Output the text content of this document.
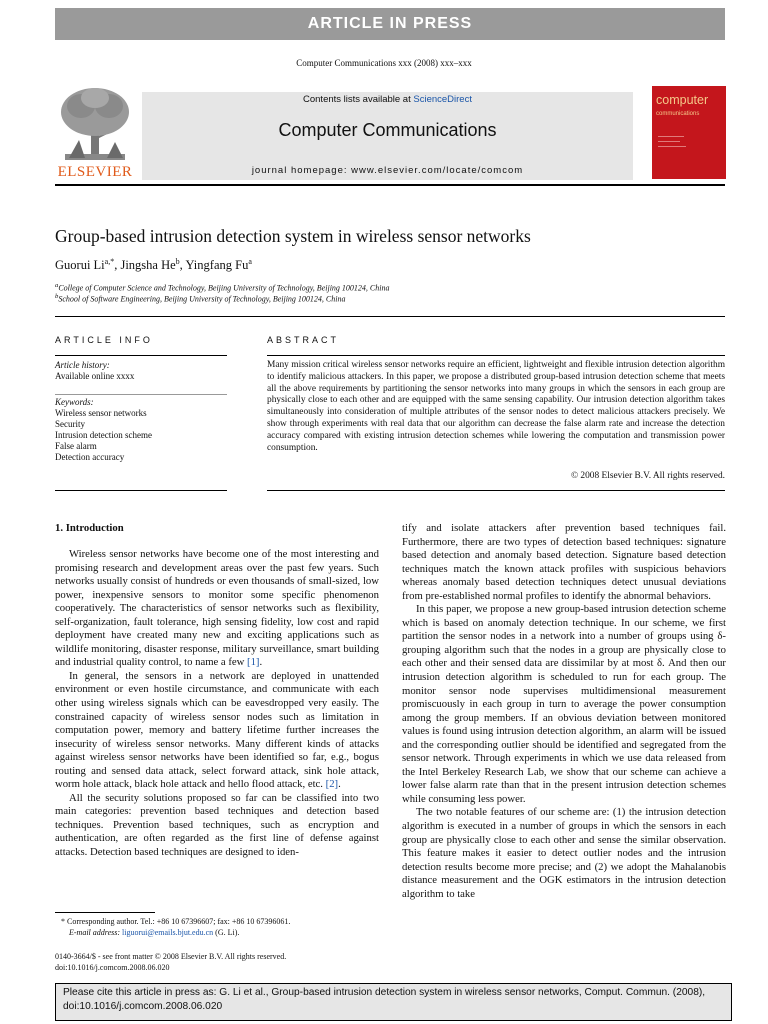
ARTICLE IN PRESS
Computer Communications xxx (2008) xxx–xxx
ELSEVIER
Contents lists available at ScienceDirect
Computer Communications
journal homepage: www.elsevier.com/locate/comcom
computer
communications
Group-based intrusion detection system in wireless sensor networks
Guorui $Li^{a,*}$, Jingsha He$^b$, Yingfang Fu$^a$
$^a$College of Computer Science and Technology, Beijing University of Technology, Beijing 100124, China
$^b$School of Software Engineering, Beijing University of Technology, Beijing 100124, China
ARTICLE INFO
Article history:
Available online xxxx
Keywords:
Wireless sensor networks
Security
Intrusion detection scheme
False alarm
Detection accuracy
ABSTRACT
Many mission critical wireless sensor networks require an efficient, lightweight and flexible intrusion detection algorithm to identify malicious attackers. In this paper, we propose a distributed group-based intrusion detection scheme that meets all the above requirements by partitioning the sensor networks into many groups in which the sensors in each group are physically close to each other and are equipped with the same sensing capability. Our intrusion detection algorithm takes simultaneously into consideration of multiple attributes of the sensor nodes to detect malicious attackers precisely. We show through experiments with real data that our algorithm can decrease the false alarm rate and increase the detection accuracy compared with existing intrusion detection schemes while lowering the computation and transmission power consumption.
© 2008 Elsevier B.V. All rights reserved.
1. Introduction

Wireless sensor networks have become one of the most interesting and promising research and development areas over the past few years. Such networks usually consist of hundreds or even thousands of small-sized, low power, inexpensive sensors to monitor some specific phenomenon cooperatively. The characteristics of sensor networks such as flexibility, self-organization, fault tolerance, high sensing fidelity, low cost and rapid deployment have created many new and exciting applications such as wildlife monitoring, disaster response, military surveillance, smart building and industrial quality control, to name a few [1].

In general, the sensors in a network are deployed in unattended environment or even hostile circumstance, and communicate with each other using wireless signals which can be eavesdropped very easily. The constrained capacity of wireless sensor nodes such as limitation in computation power, memory and battery lifetime further increases the insecurity of wireless sensor networks. Many different kinds of attacks against wireless sensor networks have been identified so far, e.g., bogus routing and sensed data attack, select forward attack, sink hole attack, worm hole attack, black hole attack and hello flood attack, etc. [2].

All the security solutions proposed so far can be classified into two main categories: prevention based techniques and detection based techniques. Prevention based techniques, such as encryption and authentication, are often regarded as the first line of defense against attacks. Detection based techniques are designed to iden-

tify and isolate attackers after prevention based techniques fail. Furthermore, there are two types of detection based techniques: signature based detection and anomaly based detection. Signature based detection techniques match the known attack profiles with suspicious behaviors whereas anomaly based detection techniques detect unusual deviations from pre-established normal profiles to identify the abnormal behaviors.

In this paper, we propose a new group-based intrusion detection scheme which is based on anomaly detection technique. In our scheme, we first partition the sensor nodes in a network into a number of groups using δ-grouping algorithm such that the nodes in a group are physically close to each other and their sensed data are dissimilar by at most δ. And then our intrusion detection algorithm is scheduled to run for each group. The monitor sensor node supervises multidimensional measurement promiscuously in each group in turn to average the power consumption among the group members. If an obvious deviation between monitored values is found using intrusion detection algorithm, an alarm will be issued and the corresponding outlier should be identified and segregated from the sensor network. Through experiments in which we use data released from the Intel Berkeley Research Lab, we show that our scheme can achieve a lower false alarm rate than that in the present intrusion detection schemes while consuming less power.

The two notable features of our scheme are: (1) the intrusion detection algorithm is executed in a number of groups in which the sensors in each group are physically close to each other and sense the similar observation. This feature makes it easier to detect outlier nodes and the intrusion detection results become more precise; and (2) we adopt the Mahalanobis distance measurement and the OGK estimators in the intrusion detection algorithm to take

* Corresponding author. Tel.: +86 10 67396607; fax: +86 10 67396061.
E-mail address: liguorui@emails.bjut.edu.cn (G. Li).
0140-3664/$ - see front matter © 2008 Elsevier B.V. All rights reserved.
doi:10.1016/j.comcom.2008.06.020
Please cite this article in press as: G. Li et al., Group-based intrusion detection system in wireless sensor networks, Comput. Commun. (2008), doi:10.1016/j.comcom.2008.06.020
